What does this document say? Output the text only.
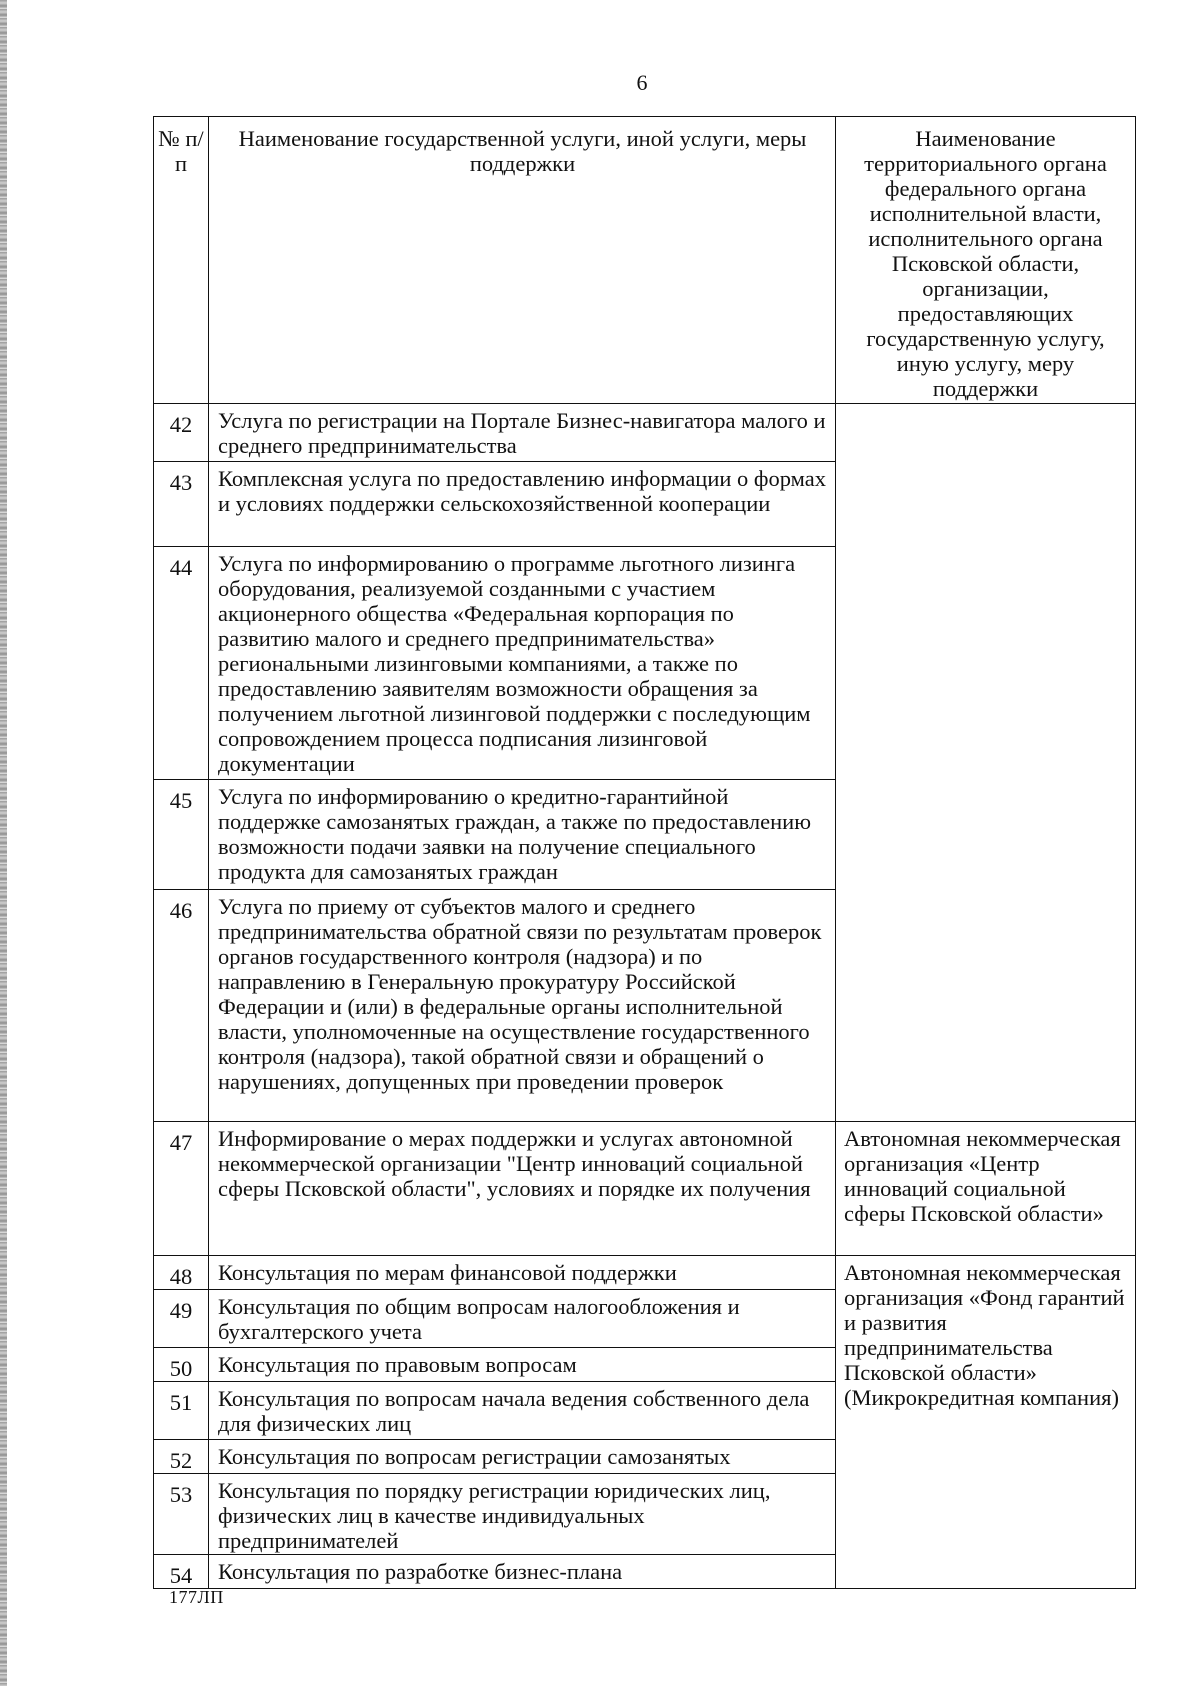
6
№ п/п	Наименование государственной услуги, иной услуги, меры поддержки	Наименование территориального органа федерального органа исполнительной власти, исполнительного органа Псковской области, организации, предоставляющих государственную услугу, иную услугу, меру поддержки
42	Услуга по регистрации на Портале Бизнес-навигатора малого и среднего предпринимательства	
43	Комплексная услуга по предоставлению информации о формах и условиях поддержки сельскохозяйственной кооперации	
44	Услуга по информированию о программе льготного лизинга оборудования, реализуемой созданными с участием акционерного общества «Федеральная корпорация по развитию малого и среднего предпринимательства» региональными лизинговыми компаниями, а также по предоставлению заявителям возможности обращения за получением льготной лизинговой поддержки с последующим сопровождением процесса подписания лизинговой документации	
45	Услуга по информированию о кредитно-гарантийной поддержке самозанятых граждан, а также по предоставлению возможности подачи заявки на получение специального продукта для самозанятых граждан	
46	Услуга по приему от субъектов малого и среднего предпринимательства обратной связи по результатам проверок органов государственного контроля (надзора) и по направлению в Генеральную прокуратуру Российской Федерации и (или) в федеральные органы исполнительной власти, уполномоченные на осуществление государственного контроля (надзора), такой обратной связи и обращений о нарушениях, допущенных при проведении проверок	
47	Информирование о мерах поддержки и услугах автономной некоммерческой организации "Центр инноваций социальной сферы Псковской области", условиях и порядке их получения	Автономная некоммерческая организация «Центр инноваций социальной сферы Псковской области»
48	Консультация по мерам финансовой поддержки	Автономная некоммерческая организация «Фонд гарантий и развития предпринимательства Псковской области» (Микрокредитная компания)
49	Консультация по общим вопросам налогообложения и бухгалтерского учета	
50	Консультация по правовым вопросам	
51	Консультация по вопросам начала ведения собственного дела для физических лиц	
52	Консультация по вопросам регистрации самозанятых	
53	Консультация по порядку регистрации юридических лиц, физических лиц в качестве индивидуальных предпринимателей	
54	Консультация по разработке бизнес-плана	
177ЛП
